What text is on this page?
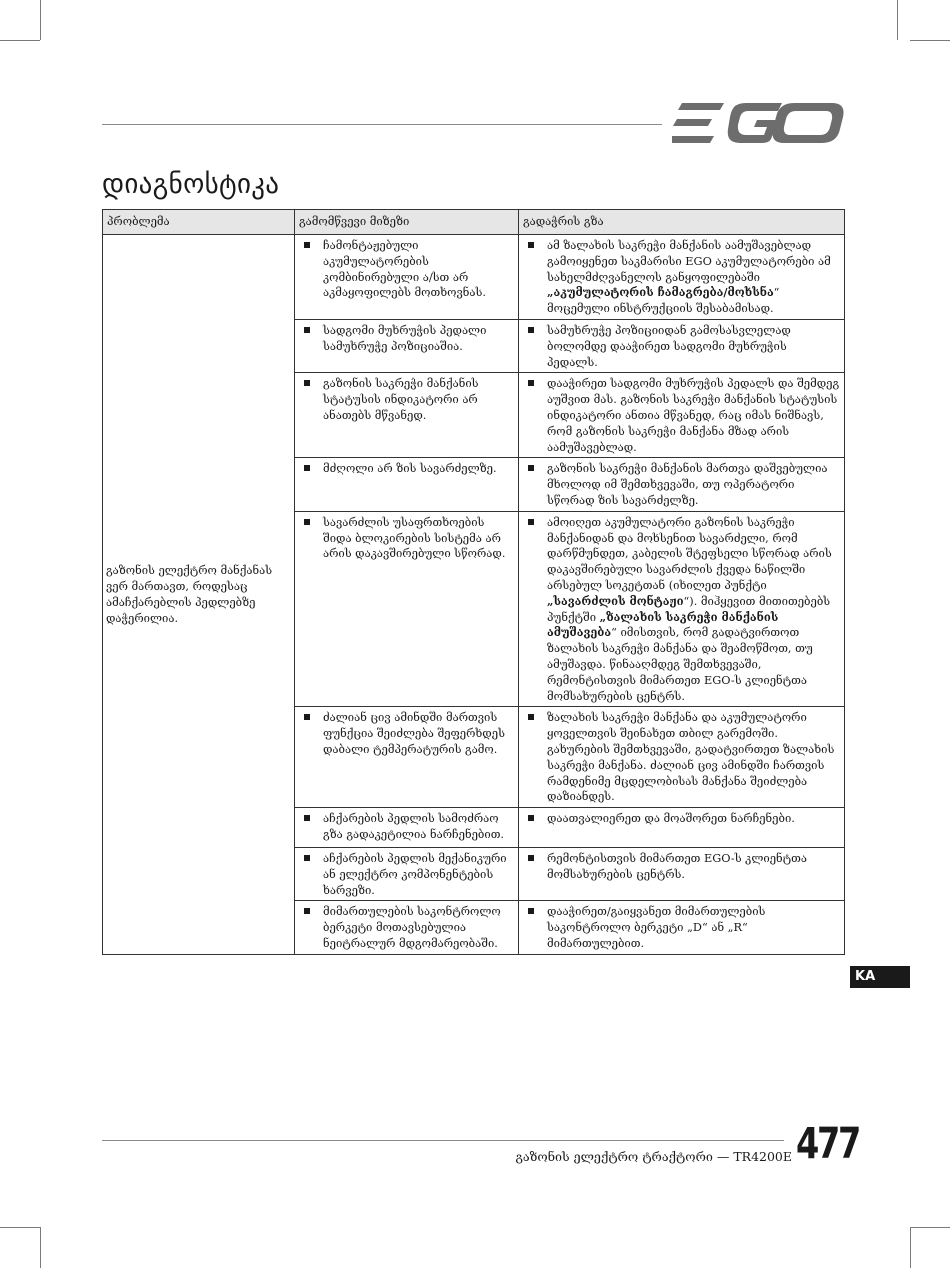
დიაგნოსტიკა
პრობლემა	გამომწვევი მიზეზი	გადაჭრის გზა
გაზონის ელექტრო მანქანას ვერ მართავთ, როდესაც ამაჩქარებლის პედლებზე დაჭერილია.	ჩამონტაჟებული აკუმულატორების კომბინირებული ა/სთ არ აკმაყოფილებს მოთხოვნას.	ამ ზალახის საკრეჭი მანქანის აამუშავებლად გამოიყენეთ საკმარისი EGO აკუმულატორები ამ სახელმძღვანელოს განყოფილებაში „აკუმულატორის ჩამაგრება/მოხსნა“ მოცემული ინსტრუქციის შესაბამისად.

სადგომი მუხრუჭის პედალი სამუხრუჭე პოზიციაშია.	სამუხრუჭე პოზიციიდან გამოსასვლელად ბოლომდე დააჭირეთ სადგომი მუხრუჭის პედალს.

გაზონის საკრეჭი მანქანის სტატუსის ინდიკატორი არ ანათებს მწვანედ.	დააჭირეთ სადგომი მუხრუჭის პედალს და შემდეგ აუშვით მას. გაზონის საკრეჭი მანქანის სტატუსის ინდიკატორი ანთია მწვანედ, რაც იმას ნიშნავს, რომ გაზონის საკრეჭი მანქანა მზად არის აამუშავებლად.

მძღოლი არ ზის სავარძელზე.	გაზონის საკრეჭი მანქანის მართვა დაშვებულია მხოლოდ იმ შემთხვევაში, თუ ოპერატორი სწორად ზის სავარძელზე.

სავარძლის უსაფრთხოების შიდა ბლოკირების სისტემა არ არის დაკავშირებული სწორად.	ამოიღეთ აკუმულატორი გაზონის საკრეჭი მანქანიდან და მოხსენით სავარძელი, რომ დარწმუნდეთ, კაბელის შტეფსელი სწორად არის დაკავშირებული სავარძლის ქვედა ნაწილში არსებულ სოკეტთან (იხილეთ პუნქტი „სავარძლის მონტაჟი“). მიჰყევით მითითებებს პუნქტში „ზალახის საკრეჭი მანქანის ამუშავება“ იმისთვის, რომ გადატვირთოთ ზალახის საკრეჭი მანქანა და შეამოწმოთ, თუ ამუშავდა. წინააღმდეგ შემთხვევაში, რემონტისთვის მიმართეთ EGO-ს კლიენტთა მომსახურების ცენტრს.

ძალიან ცივ ამინდში მართვის ფუნქცია შეიძლება შეფერხდეს დაბალი ტემპერატურის გამო.	ზალახის საკრეჭი მანქანა და აკუმულატორი ყოველთვის შეინახეთ თბილ გარემოში. გახურების შემთხვევაში, გადატვირთეთ ზალახის საკრეჭი მანქანა. ძალიან ცივ ამინდში ჩართვის რამდენიმე მცდელობისას მანქანა შეიძლება დაზიანდეს.

აჩქარების პედლის სამოძრაო გზა გადაკეტილია ნარჩენებით.	დაათვალიერეთ და მოაშორეთ ნარჩენები.

აჩქარების პედლის მექანიკური ან ელექტრო კომპონენტების ხარვეზი.	რემონტისთვის მიმართეთ EGO-ს კლიენტთა მომსახურების ცენტრს.

მიმართულების საკონტროლო ბერკეტი მოთავსებულია ნეიტრალურ მდგომარეობაში.	დააჭირეთ/გაიყვანეთ მიმართულების საკონტროლო ბერკეტი „D“ ან „R“ მიმართულებით.
KA
გაზონის ელექტრო ტრაქტორი — TR4200E 477
